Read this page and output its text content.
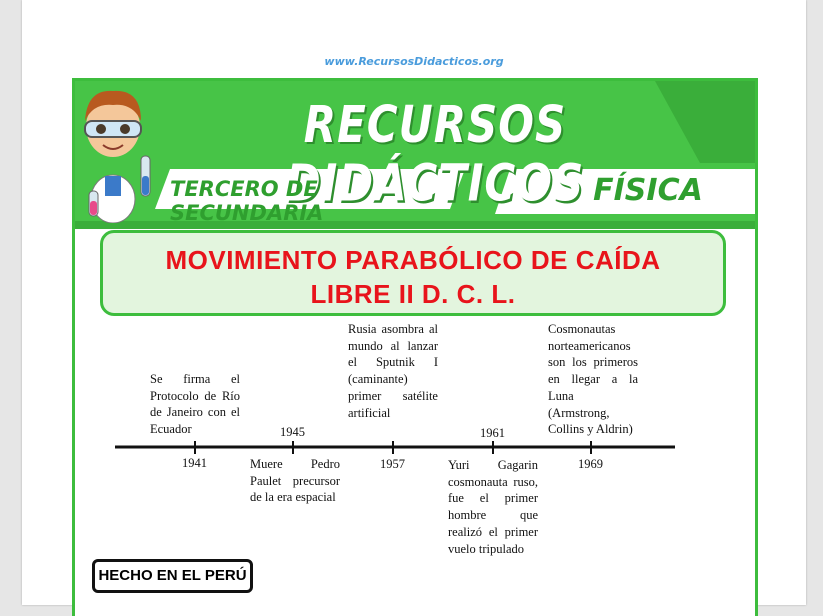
www.RecursosDidacticos.org
RECURSOS DIDÁCTICOS
TERCERO DE SECUNDARIA
FÍSICA
MOVIMIENTO PARABÓLICO DE CAÍDA
LIBRE II D. C. L.
1945	1961
1941	1957	1969
Se firma el Protocolo de Río de Janeiro con el Ecuador
Rusia asombra al mundo al lanzar el Sputnik I (caminante) primer satélite artificial
Cosmonautas norteamericanos son los primeros en llegar a la Luna (Armstrong, Collins y Aldrin)
Muere Pedro Paulet precursor de la era espacial
Yuri Gagarin cosmonauta ruso, fue el primer hombre que realizó el primer vuelo tripulado
HECHO EN EL PERÚ
